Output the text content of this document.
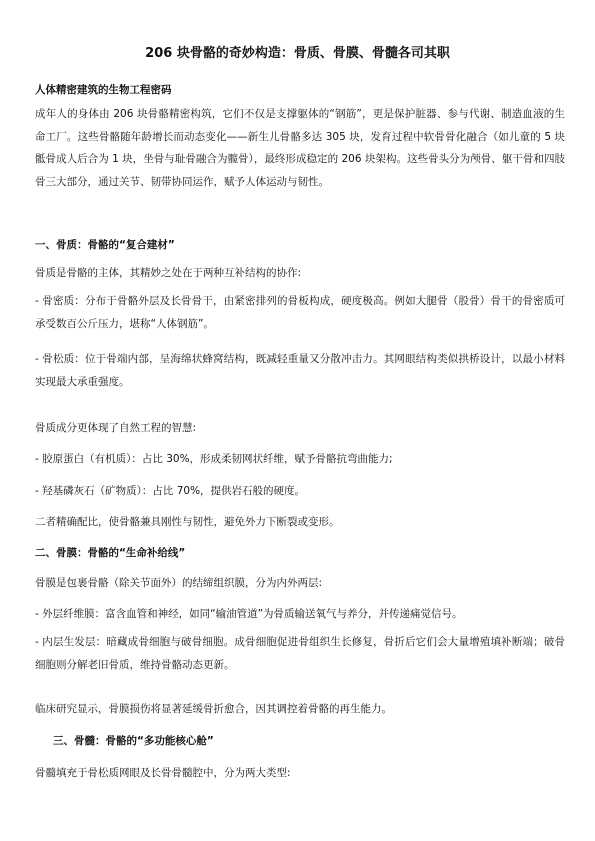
206 块骨骼的奇妙构造：骨质、骨膜、骨髓各司其职
人体精密建筑的生物工程密码
成年人的身体由 206 块骨骼精密构筑，它们不仅是支撑躯体的“钢筋”，更是保护脏器、参与代谢、制造血液的生命工厂。这些骨骼随年龄增长而动态变化——新生儿骨骼多达 305 块，发育过程中软骨骨化融合（如儿童的 5 块骶骨成人后合为 1 块，坐骨与耻骨融合为髋骨），最终形成稳定的 206 块架构。这些骨头分为颅骨、躯干骨和四肢骨三大部分，通过关节、韧带协同运作，赋予人体运动与韧性。
一、骨质：骨骼的“复合建材”
骨质是骨骼的主体，其精妙之处在于两种互补结构的协作:
- 骨密质：分布于骨骼外层及长骨骨干，由紧密排列的骨板构成，硬度极高。例如大腿骨（股骨）骨干的骨密质可承受数百公斤压力，堪称“人体钢筋”。
- 骨松质：位于骨端内部，呈海绵状蜂窝结构，既减轻重量又分散冲击力。其网眼结构类似拱桥设计，以最小材料实现最大承重强度。
骨质成分更体现了自然工程的智慧:
- 胶原蛋白（有机质）：占比 30%，形成柔韧网状纤维，赋予骨骼抗弯曲能力;
- 羟基磷灰石（矿物质）：占比 70%，提供岩石般的硬度。
二者精确配比，使骨骼兼具刚性与韧性，避免外力下断裂或变形。
二、骨膜：骨骼的“生命补给线”
骨膜是包裹骨骼（除关节面外）的结缔组织膜，分为内外两层:
- 外层纤维膜：富含血管和神经，如同“输油管道”为骨质输送氧气与养分，并传递痛觉信号。
- 内层生发层：暗藏成骨细胞与破骨细胞。成骨细胞促进骨组织生长修复，骨折后它们会大量增殖填补断端；破骨细胞则分解老旧骨质，维持骨骼动态更新。
临床研究显示，骨膜损伤将显著延缓骨折愈合，因其调控着骨骼的再生能力。
三、骨髓：骨骼的“多功能核心舱”
骨髓填充于骨松质网眼及长骨骨髓腔中，分为两大类型:
